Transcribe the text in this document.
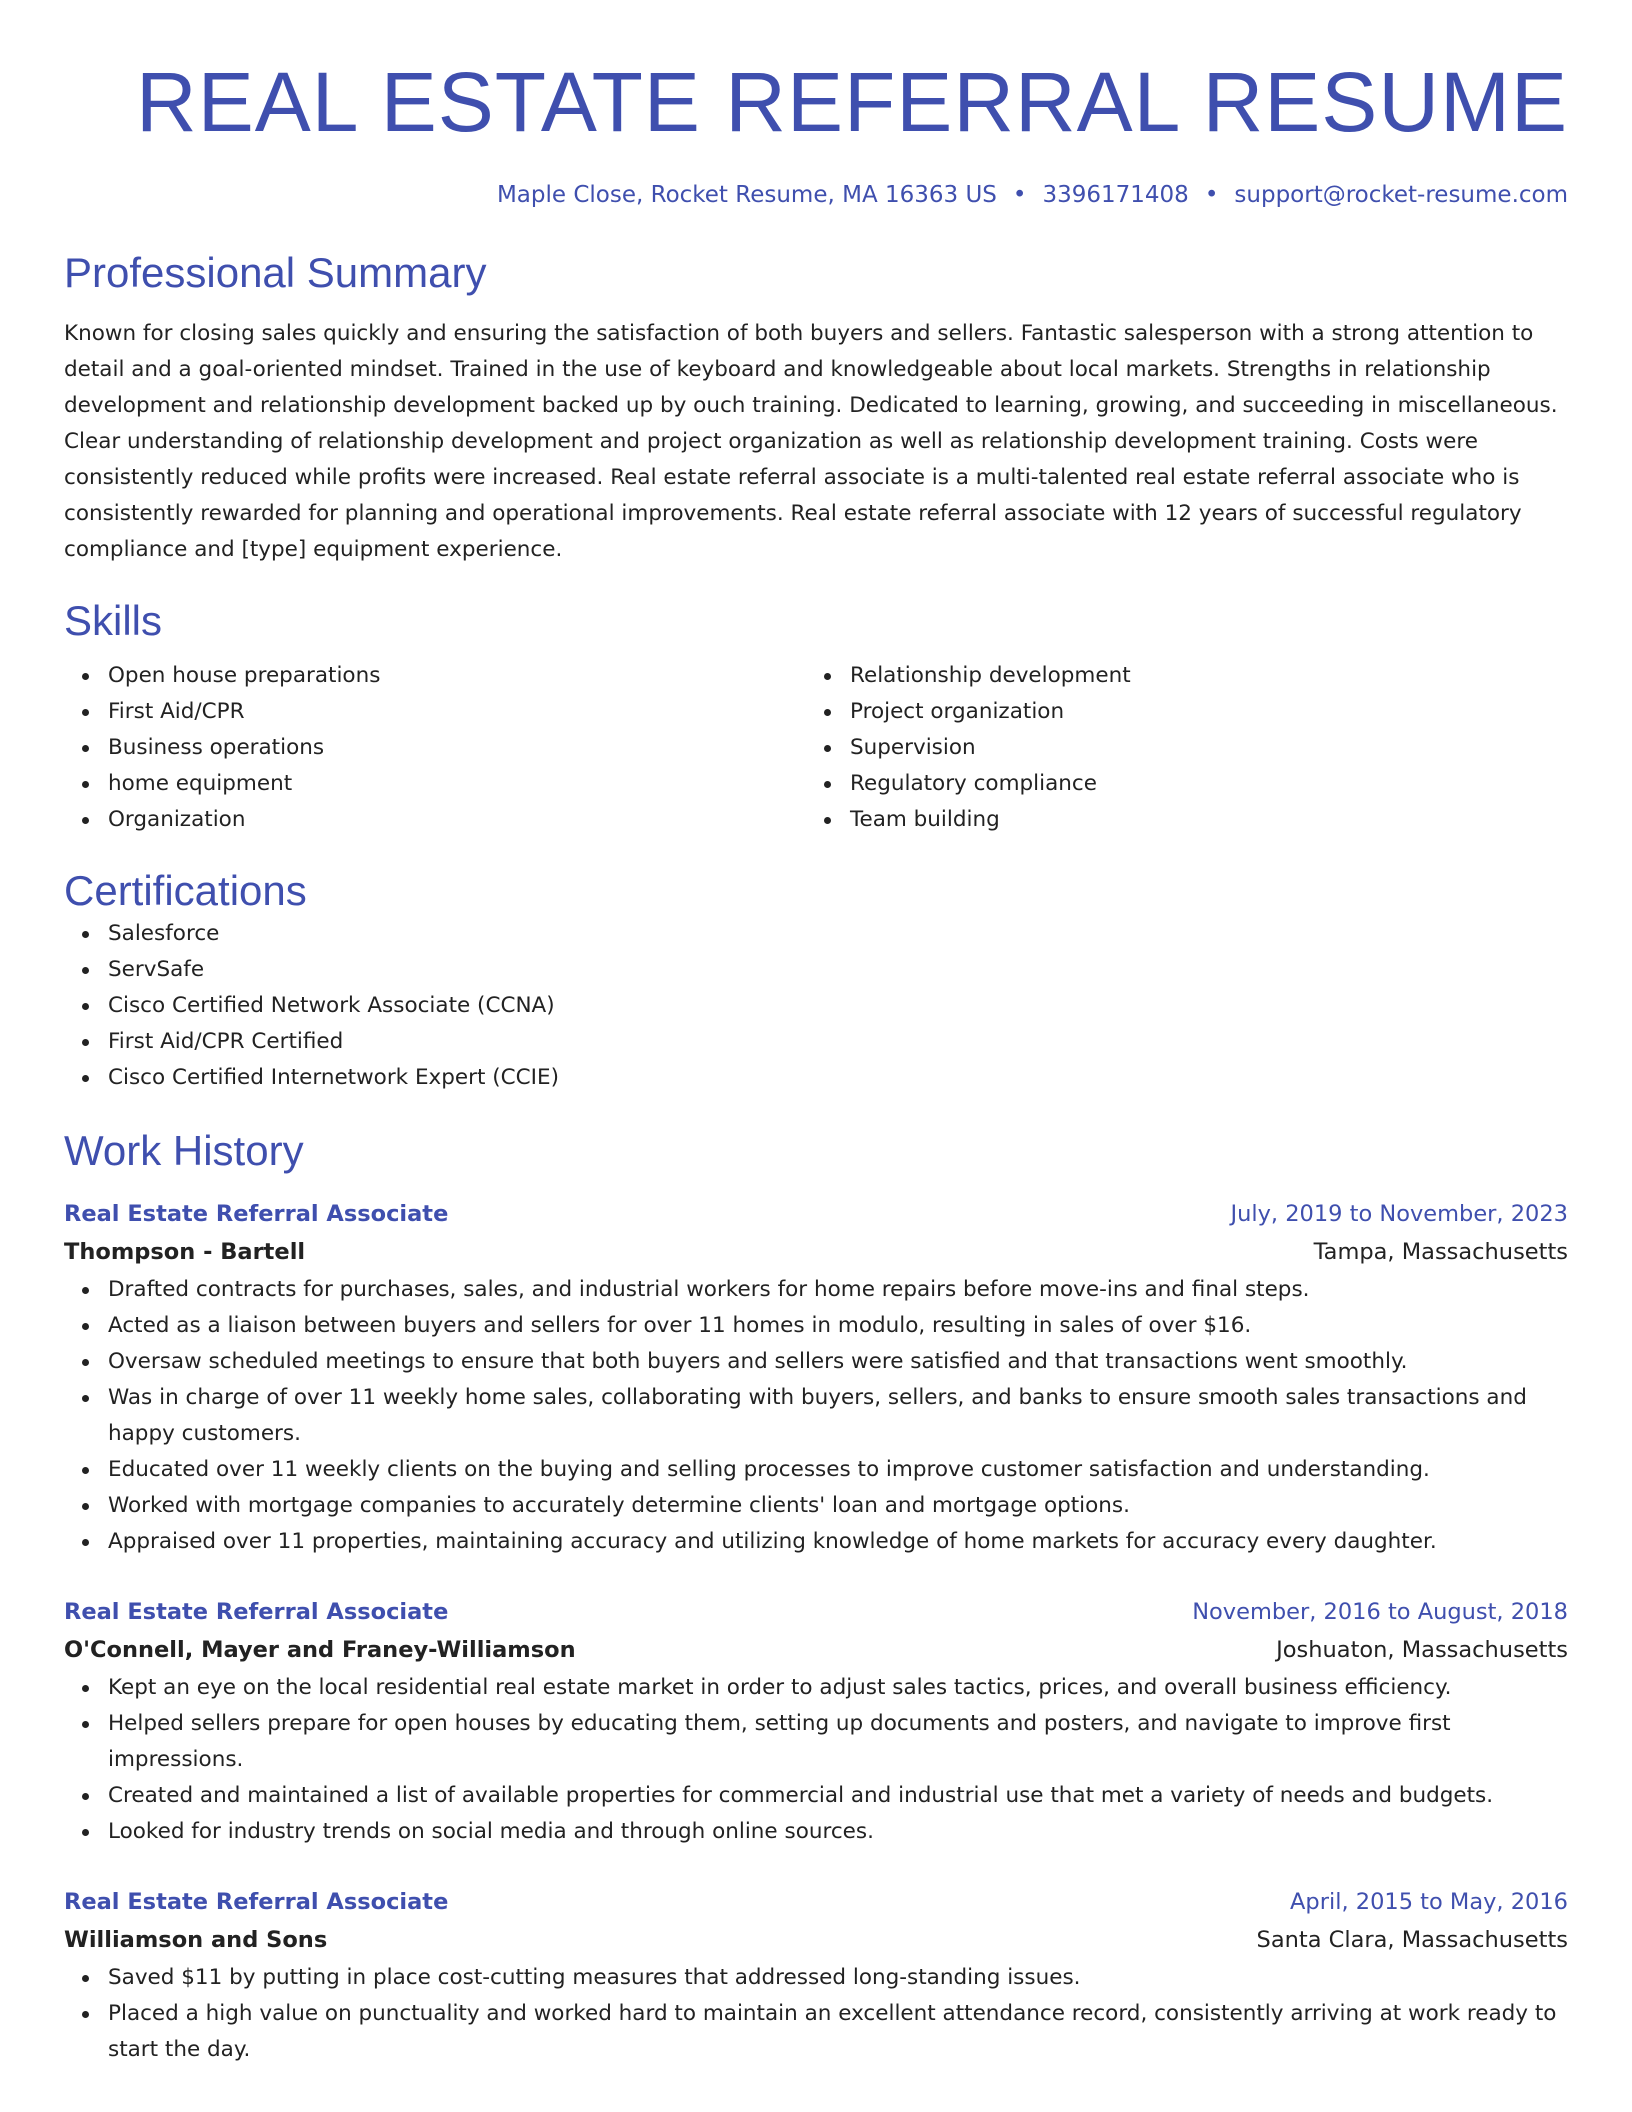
REAL ESTATE REFERRAL RESUME
Maple Close, Rocket Resume, MA 16363 US • 3396171408 • support@rocket-resume.com
Professional Summary

Known for closing sales quickly and ensuring the satisfaction of both buyers and sellers. Fantastic salesperson with a strong attention to detail and a goal-oriented mindset. Trained in the use of keyboard and knowledgeable about local markets. Strengths in relationship development and relationship development backed up by ouch training. Dedicated to learning, growing, and succeeding in miscellaneous. Clear understanding of relationship development and project organization as well as relationship development training. Costs were consistently reduced while profits were increased. Real estate referral associate is a multi-talented real estate referral associate who is consistently rewarded for planning and operational improvements. Real estate referral associate with 12 years of successful regulatory compliance and [type] equipment experience.

Skills
Open house preparations
First Aid/CPR
Business operations
home equipment
Organization
Relationship development
Project organization
Supervision
Regulatory compliance
Team building
Certifications
Salesforce
ServSafe
Cisco Certified Network Associate (CCNA)
First Aid/CPR Certified
Cisco Certified Internetwork Expert (CCIE)
Work History
Real Estate Referral Associate	July, 2019 to November, 2023
Thompson - Bartell	Tampa, Massachusetts
Drafted contracts for purchases, sales, and industrial workers for home repairs before move-ins and final steps.
Acted as a liaison between buyers and sellers for over 11 homes in modulo, resulting in sales of over $16.
Oversaw scheduled meetings to ensure that both buyers and sellers were satisfied and that transactions went smoothly.
Was in charge of over 11 weekly home sales, collaborating with buyers, sellers, and banks to ensure smooth sales transactions and happy customers.
Educated over 11 weekly clients on the buying and selling processes to improve customer satisfaction and understanding.
Worked with mortgage companies to accurately determine clients' loan and mortgage options.
Appraised over 11 properties, maintaining accuracy and utilizing knowledge of home markets for accuracy every daughter.
Real Estate Referral Associate	November, 2016 to August, 2018
O'Connell, Mayer and Franey-Williamson	Joshuaton, Massachusetts
Kept an eye on the local residential real estate market in order to adjust sales tactics, prices, and overall business efficiency.
Helped sellers prepare for open houses by educating them, setting up documents and posters, and navigate to improve first impressions.
Created and maintained a list of available properties for commercial and industrial use that met a variety of needs and budgets.
Looked for industry trends on social media and through online sources.
Real Estate Referral Associate	April, 2015 to May, 2016
Williamson and Sons	Santa Clara, Massachusetts
Saved $11 by putting in place cost-cutting measures that addressed long-standing issues.
Placed a high value on punctuality and worked hard to maintain an excellent attendance record, consistently arriving at work ready to start the day.
